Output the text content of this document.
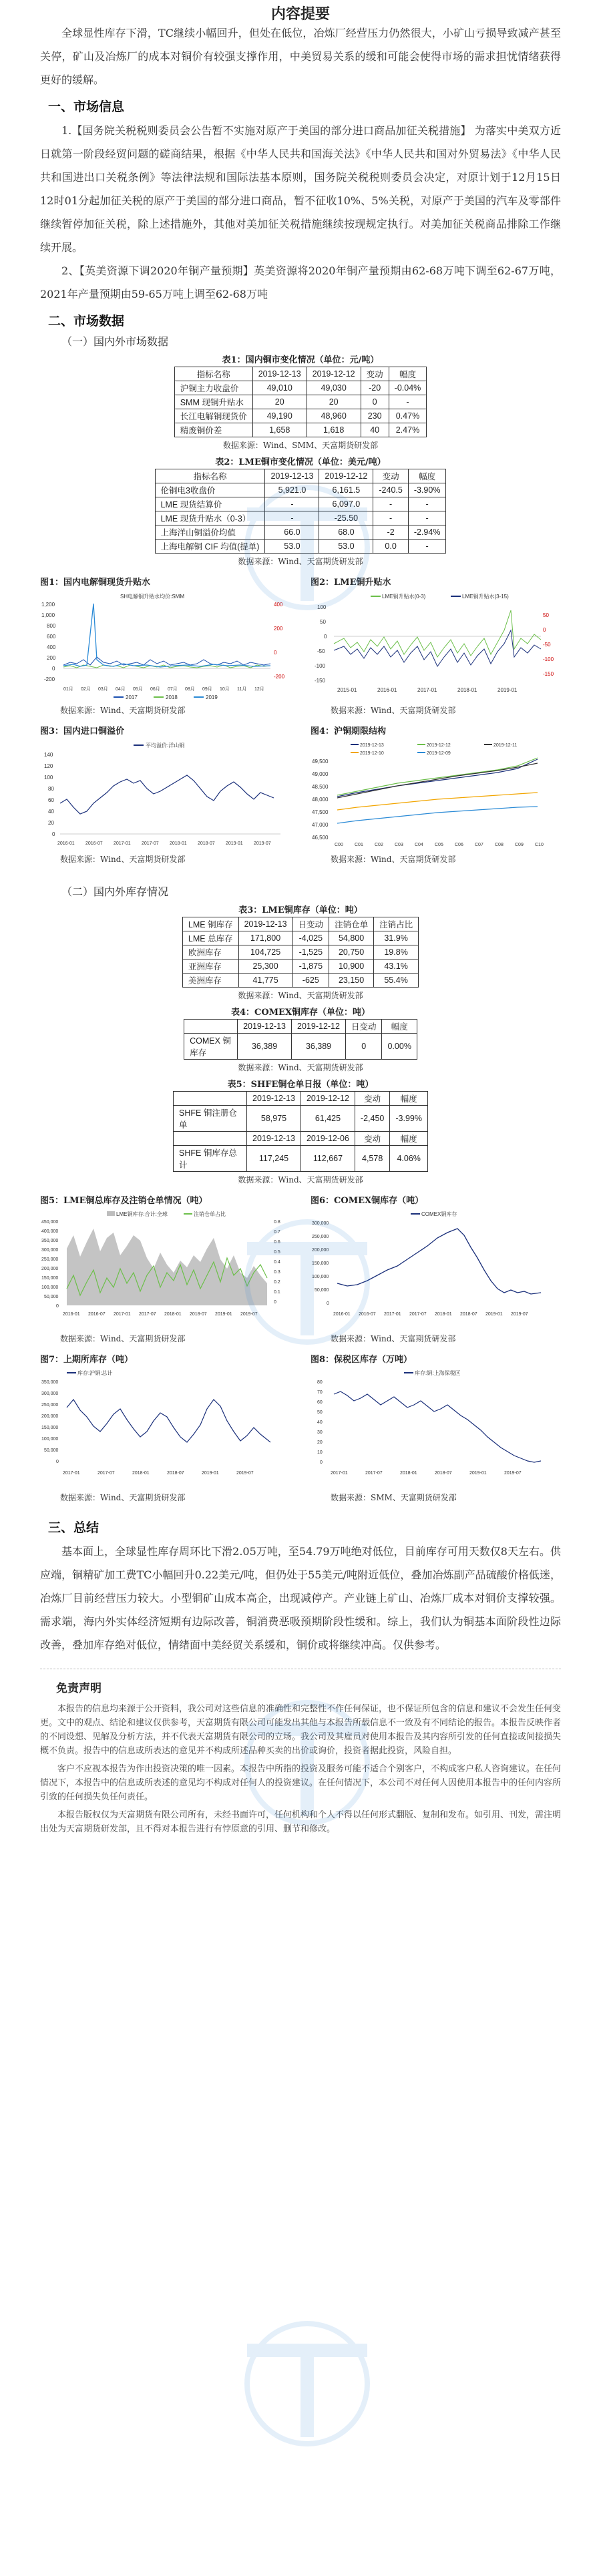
内容提要

全球显性库存下滑，TC继续小幅回升，但处在低位，冶炼厂经营压力仍然很大，小矿山亏损导致减产甚至关停，矿山及冶炼厂的成本对铜价有较强支撑作用，中美贸易关系的缓和可能会使得市场的需求担忧情绪获得更好的缓解。

一、市场信息

1.【国务院关税税则委员会公告暂不实施对原产于美国的部分进口商品加征关税措施】 为落实中美双方近日就第一阶段经贸问题的磋商结果，根据《中华人民共和国海关法》《中华人民共和国对外贸易法》《中华人民共和国进出口关税条例》等法律法规和国际法基本原则，国务院关税税则委员会决定，对原计划于12月15日12时01分起加征关税的原产于美国的部分进口商品，暂不征收10%、5%关税，对原产于美国的汽车及零部件继续暂停加征关税，除上述措施外，其他对美加征关税措施继续按现规定执行。对美加征关税商品排除工作继续开展。

2、【英美资源下调2020年铜产量预期】英美资源将2020年铜产量预期由62-68万吨下调至62-67万吨，2021年产量预期由59-65万吨上调至62-68万吨

二、市场数据
（一）国内外市场数据
表1：国内铜市变化情况（单位：元/吨）
指标名称	2019-12-13	2019-12-12	变动	幅度
沪铜主力收盘价	49,010	49,030	-20	-0.04%
SMM 现铜升贴水	20	20	0	-
长江电解铜现货价	49,190	48,960	230	0.47%
精废铜价差	1,658	1,618	40	2.47%
数据来源：Wind、SMM、天富期货研发部
表2：LME铜市变化情况（单位：美元/吨）
指标名称	2019-12-13	2019-12-12	变动	幅度
伦铜电3收盘价	5,921.0	6,161.5	-240.5	-3.90%
LME 现货结算价	-	6,097.0	-	-
LME 现货升贴水（0-3）	-	-25.50	-	-
上海洋山铜溢价均值	66.0	68.0	-2	-2.94%
上海电解铜 CIF 均值(提单)	53.0	53.0	0.0	-
数据来源：Wind、天富期货研发部
图1：国内电解铜现货升贴水
SH电解铜升贴水均价:SMM
1,200
1,000
800
600
400
200
0
-200
400
200
0
-200
01月 02月 03月 04月 05月 06月 07月 08月 09月 10月 11月 12月
2017	2018	2019
数据来源：Wind、天富期货研发部
图2：LME铜升贴水
LME铜升贴水(0-3)	LME铜升贴水(3-15)
100
50
0
-50
-100
-150
50
0
-50
-100
-150
2015-01	2016-01	2017-01	2018-01	2019-01
数据来源：Wind、天富期货研发部
图3：国内进口铜溢价
平均溢价:洋山铜
140
120
100
80
60
40
20
0
2016-01 2016-07 2017-01 2017-07 2018-01 2018-07 2019-01 2019-07
数据来源：Wind、天富期货研发部
图4：沪铜期限结构
2019-12-13	2019-12-12	2019-12-11
2019-12-10	2019-12-09
49,500
49,000
48,500
48,000
47,500
47,000
46,500
C00 C01 C02 C03 C04 C05 C06 C07 C08 C09 C10
数据来源：Wind、天富期货研发部
（二）国内外库存情况
表3：LME铜库存（单位：吨）
LME 铜库存	2019-12-13	日变动	注销仓单	注销占比
LME 总库存	171,800	-4,025	54,800	31.9%
欧洲库存	104,725	-1,525	20,750	19.8%
亚洲库存	25,300	-1,875	10,900	43.1%
美洲库存	41,775	-625	23,150	55.4%
数据来源：Wind、天富期货研发部
表4：COMEX铜库存（单位：吨）
	2019-12-13	2019-12-12	日变动	幅度
COMEX 铜库存	36,389	36,389	0	0.00%
数据来源：Wind、天富期货研发部
表5：SHFE铜仓单日报（单位：吨）
	2019-12-13	2019-12-12	变动	幅度
SHFE 铜注册仓单	58,975	61,425	-2,450	-3.99%
	2019-12-13	2019-12-06	变动	幅度
SHFE 铜库存总计	117,245	112,667	4,578	4.06%
数据来源：Wind、天富期货研发部
图5：LME铜总库存及注销仓单情况（吨）
LME铜库存:合计:全球	注销仓单占比
450,000
400,000
350,000
300,000
250,000
200,000
150,000
100,000
50,000
0
0.8
0.7
0.6
0.5
0.4
0.3
0.2
0.1
0
2016-01 2016-07 2017-01 2017-07 2018-01 2018-07 2019-01 2019-07
数据来源：Wind、天富期货研发部
图6：COMEX铜库存（吨）
COMEX铜库存
300,000
250,000
200,000
150,000
100,000
50,000
0
2016-01 2016-07 2017-01 2017-07 2018-01 2018-07 2019-01 2019-07
数据来源：Wind、天富期货研发部
图7：上期所库存（吨）
库存:沪铜:总计
350,000
300,000
250,000
200,000
150,000
100,000
50,000
0
2017-01	2017-07	2018-01	2018-07	2019-01	2019-07
数据来源：Wind、天富期货研发部
图8：保税区库存（万吨）
库存:铜:上海保税区
80
70
60
50
40
30
20
10
0
2017-01	2017-07	2018-01	2018-07	2019-01	2019-07
数据来源：SMM、天富期货研发部
三、总结

基本面上，全球显性库存周环比下滑2.05万吨，至54.79万吨绝对低位，目前库存可用天数仅8天左右。供应端，铜精矿加工费TC小幅回升0.22美元/吨，但仍处于55美元/吨附近低位，叠加冶炼副产品硫酸价格低迷，冶炼厂目前经营压力较大。小型铜矿山成本高企，出现减停产。产业链上矿山、冶炼厂成本对铜价支撑较强。需求端，海内外实体经济短期有边际改善，铜消费恶吸预期阶段性缓和。综上，我们认为铜基本面阶段性边际改善，叠加库存绝对低位，情绪面中美经贸关系缓和，铜价或将继续冲高。仅供参考。

免责声明

本报告的信息均来源于公开资料，我公司对这些信息的准确性和完整性不作任何保证，也不保证所包含的信息和建议不会发生任何变更。文中的观点、结论和建议仅供参考，天富期货有限公司可能发出其他与本报告所载信息不一致及有不同结论的报告。本报告反映作者的不同设想、见解及分析方法，并不代表天富期货有限公司的立场。我公司及其雇员对使用本报告及其内容所引发的任何直接或间接损失概不负责。报告中的信息或所表达的意见并不构成所述品种买卖的出价或询价，投资者据此投资，风险自担。

客户不应视本报告为作出投资决策的唯一因素。本报告中所指的投资及服务可能不适合个别客户，不构成客户私人咨询建议。在任何情况下，本报告中的信息或所表述的意见均不构成对任何人的投资建议。在任何情况下，本公司不对任何人因使用本报告中的任何内容所引致的任何损失负任何责任。

本报告版权仅为天富期货有限公司所有，未经书面许可，任何机构和个人不得以任何形式翻版、复制和发布。如引用、刊发，需注明出处为天富期货研发部，且不得对本报告进行有悖原意的引用、删节和修改。
